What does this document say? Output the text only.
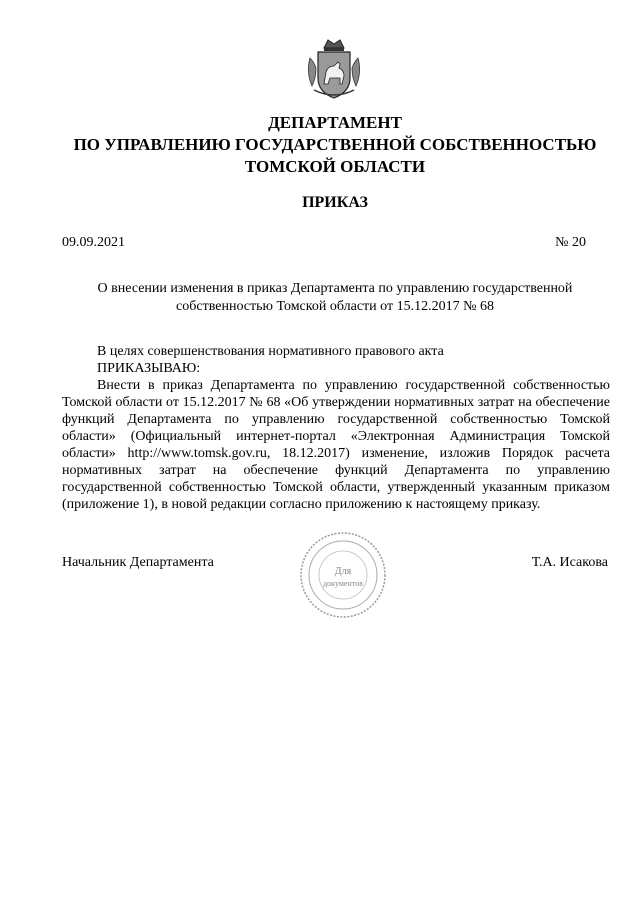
ДЕПАРТАМЕНТ
ПО УПРАВЛЕНИЮ ГОСУДАРСТВЕННОЙ СОБСТВЕННОСТЬЮ
ТОМСКОЙ ОБЛАСТИ
ПРИКАЗ
09.09.2021	№ 20
О внесении изменения в приказ Департамента по управлению государственной
собственностью Томской области от 15.12.2017 № 68
В целях совершенствования нормативного правового акта
ПРИКАЗЫВАЮ:
Внести в приказ Департамента по управлению государственной собственностью Томской области от 15.12.2017 № 68 «Об утверждении нормативных затрат на обеспечение функций Департамента по управлению государственной собственностью Томской области» (Официальный интернет-портал «Электронная Администрация Томской области» http://www.tomsk.gov.ru, 18.12.2017) изменение, изложив Порядок расчета нормативных затрат на обеспечение функций Департамента по управлению государственной собственностью Томской области, утвержденный указанным приказом (приложение 1), в новой редакции согласно приложению к настоящему приказу.
Начальник Департамента	Т.А. Исакова
Для
документов
